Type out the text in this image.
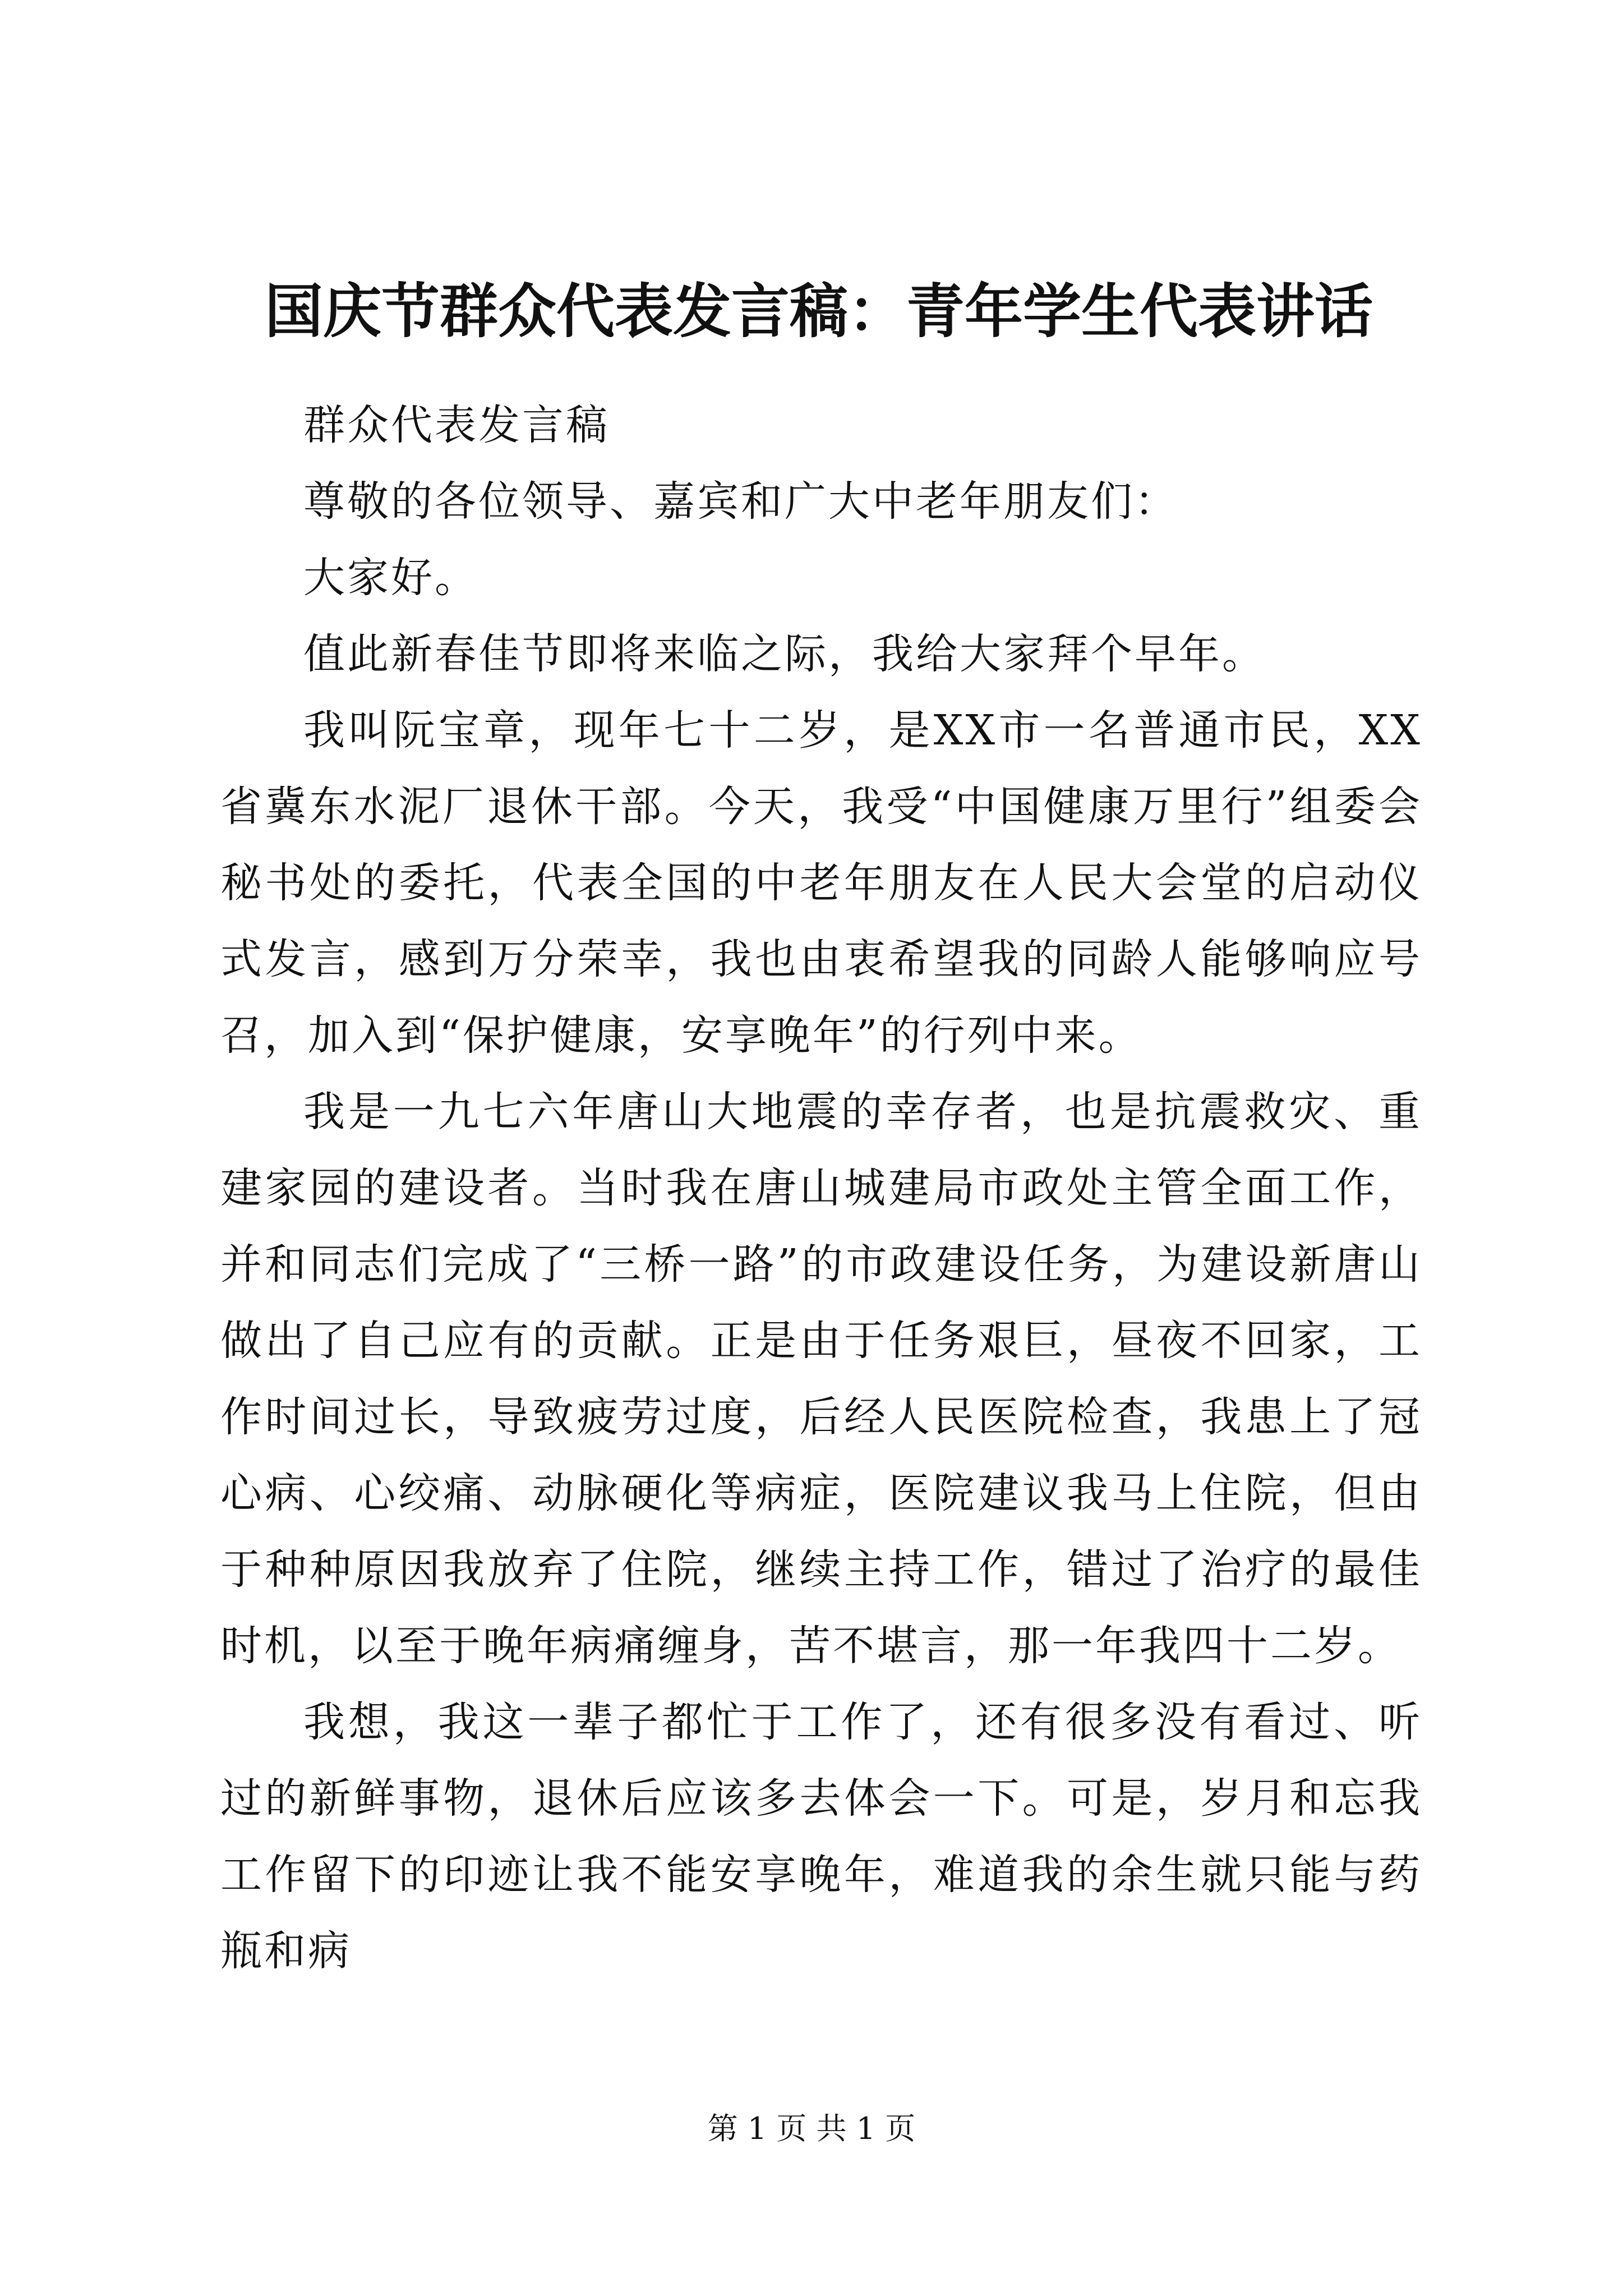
国庆节群众代表发言稿：青年学生代表讲话

群众代表发言稿

尊敬的各位领导、嘉宾和广大中老年朋友们：

大家好。

值此新春佳节即将来临之际，我给大家拜个早年。

我叫阮宝章，现年七十二岁，是XX市一名普通市民，XX省冀东水泥厂退休干部。今天，我受“中国健康万里行”组委会秘书处的委托，代表全国的中老年朋友在人民大会堂的启动仪式发言，感到万分荣幸，我也由衷希望我的同龄人能够响应号召，加入到“保护健康，安享晚年”的行列中来。

我是一九七六年唐山大地震的幸存者，也是抗震救灾、重建家园的建设者。当时我在唐山城建局市政处主管全面工作，并和同志们完成了“三桥一路”的市政建设任务，为建设新唐山做出了自己应有的贡献。正是由于任务艰巨，昼夜不回家，工作时间过长，导致疲劳过度，后经人民医院检查，我患上了冠心病、心绞痛、动脉硬化等病症，医院建议我马上住院，但由于种种原因我放弃了住院，继续主持工作，错过了治疗的最佳时机，以至于晚年病痛缠身，苦不堪言，那一年我四十二岁。

我想，我这一辈子都忙于工作了，还有很多没有看过、听过的新鲜事物，退休后应该多去体会一下。可是，岁月和忘我工作留下的印迹让我不能安享晚年，难道我的余生就只能与药瓶和病

第 1 页 共 1 页
